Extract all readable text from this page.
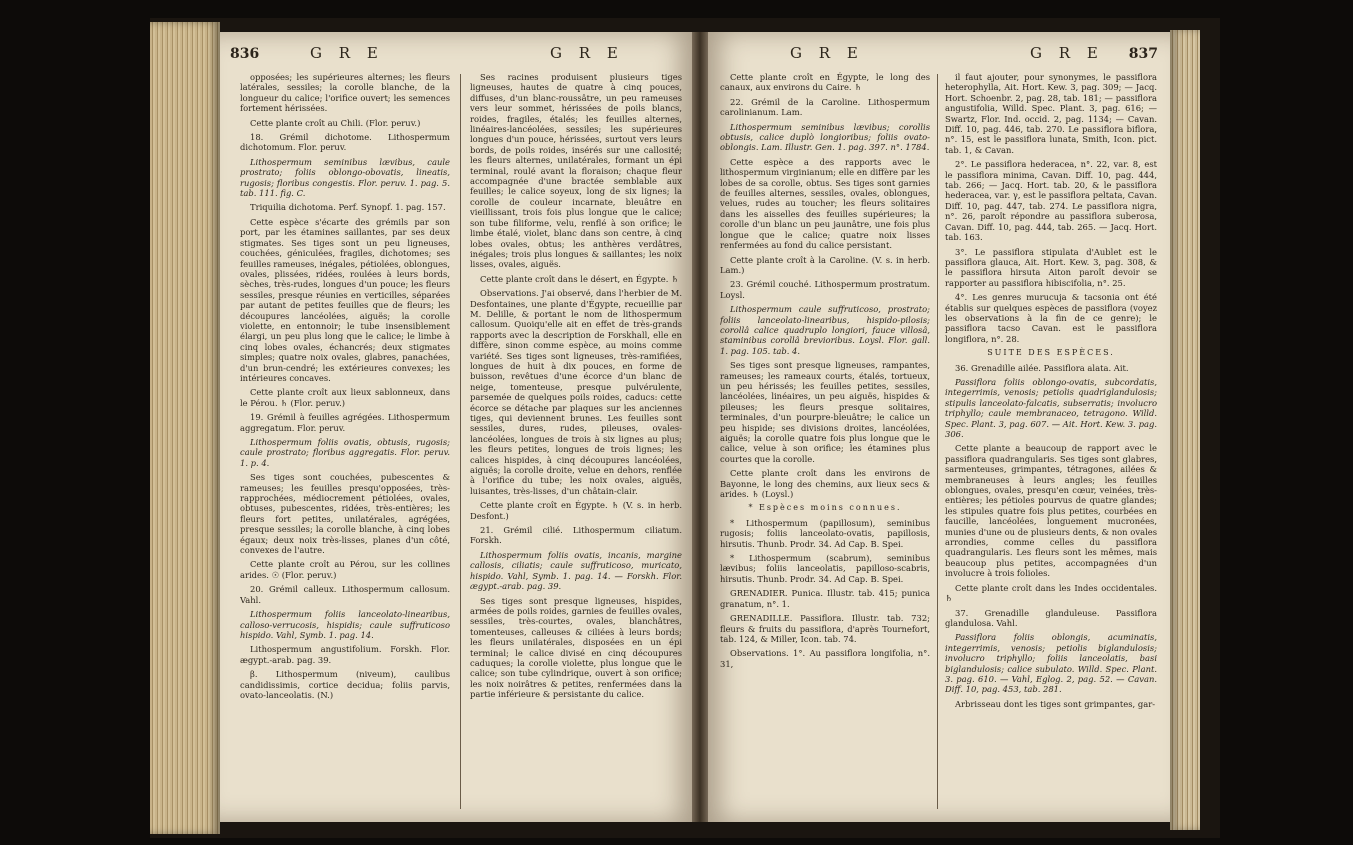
836	G R E	G R E

opposées; les supérieures alternes; les fleurs latérales, sessiles; la corolle blanche, de la longueur du calice; l'orifice ouvert; les semences fortement hérissées.

Cette plante croît au Chili. (Flor. peruv.)

18. Grémil dichotome. Lithospermum dichotomum. Flor. peruv.

Lithospermum seminibus lævibus, caule prostrato; foliis oblongo-obovatis, lineatis, rugosis; floribus congestis. Flor. peruv. 1. pag. 5. tab. 111. fig. C.

Triquilia dichotoma. Perf. Synopf. 1. pag. 157.

Cette espèce s'écarte des grémils par son port, par les étamines saillantes, par ses deux stigmates. Ses tiges sont un peu ligneuses, couchées, géniculées, fragiles, dichotomes; ses feuilles rameuses, inégales, pétiolées, oblongues, ovales, plissées, ridées, roulées à leurs bords, sèches, très-rudes, longues d'un pouce; les fleurs sessiles, presque réunies en verticilles, séparées par autant de petites feuilles que de fleurs; les découpures lancéolées, aiguës; la corolle violette, en entonnoir; le tube insensiblement élargi, un peu plus long que le calice; le limbe à cinq lobes ovales, échancrés; deux stigmates simples; quatre noix ovales, glabres, panachées, d'un brun-cendré; les extérieures convexes; les intérieures concaves.

Cette plante croît aux lieux sablonneux, dans le Pérou. ♄ (Flor. peruv.)

19. Grémil à feuilles agrégées. Lithospermum aggregatum. Flor. peruv.

Lithospermum foliis ovatis, obtusis, rugosis; caule prostrato; floribus aggregatis. Flor. peruv. 1. p. 4.

Ses tiges sont couchées, pubescentes & rameuses; les feuilles presqu'opposées, très-rapprochées, médiocrement pétiolées, ovales, obtuses, pubescentes, ridées, très-entières; les fleurs fort petites, unilatérales, agrégées, presque sessiles; la corolle blanche, à cinq lobes égaux; deux noix très-lisses, planes d'un côté, convexes de l'autre.

Cette plante croît au Pérou, sur les collines arides. ☉ (Flor. peruv.)

20. Grémil calleux. Lithospermum callosum. Vahl.

Lithospermum foliis lanceolato-linearibus, calloso-verrucosis, hispidis; caule suffruticoso hispido. Vahl, Symb. 1. pag. 14.

Lithospermum angustifolium. Forskh. Flor. ægypt.-arab. pag. 39.

β. Lithospermum (niveum), caulibus candidissimis, cortice decidua; foliis parvis, ovato-lanceolatis. (N.)

Ses racines produisent plusieurs tiges ligneuses, hautes de quatre à cinq pouces, diffuses, d'un blanc-roussâtre, un peu rameuses vers leur sommet, hérissées de poils blancs, roides, fragiles, étalés; les feuilles alternes, linéaires-lancéolées, sessiles; les supérieures longues d'un pouce, hérissées, surtout vers leurs bords, de poils roides, insérés sur une callosité; les fleurs alternes, unilatérales, formant un épi terminal, roulé avant la floraison; chaque fleur accompagnée d'une bractée semblable aux feuilles; le calice soyeux, long de six lignes; la corolle de couleur incarnate, bleuâtre en vieillissant, trois fois plus longue que le calice; son tube filiforme, velu, renflé à son orifice; le limbe étalé, violet, blanc dans son centre, à cinq lobes ovales, obtus; les anthères verdâtres, inégales; trois plus longues & saillantes; les noix lisses, ovales, aiguës.

Cette plante croît dans le désert, en Égypte. ♄

Observations. J'ai observé, dans l'herbier de M. Desfontaines, une plante d'Égypte, recueillie par M. Delille, & portant le nom de lithospermum callosum. Quoiqu'elle ait en effet de très-grands rapports avec la description de Forskhall, elle en diffère, sinon comme espèce, au moins comme variété. Ses tiges sont ligneuses, très-ramifiées, longues de huit à dix pouces, en forme de buisson, revêtues d'une écorce d'un blanc de neige, tomenteuse, presque pulvérulente, parsemée de quelques poils roides, caducs: cette écorce se détache par plaques sur les anciennes tiges, qui deviennent brunes. Les feuilles sont sessiles, dures, rudes, pileuses, ovales-lancéolées, longues de trois à six lignes au plus; les fleurs petites, longues de trois lignes; les calices hispides, à cinq découpures lancéolées, aiguës; la corolle droite, velue en dehors, renflée à l'orifice du tube; les noix ovales, aiguës, luisantes, très-lisses, d'un châtain-clair.

Cette plante croît en Égypte. ♄ (V. s. in herb. Desfont.)

21. Grémil cilié. Lithospermum ciliatum. Forskh.

Lithospermum foliis ovatis, incanis, margine callosis, ciliatis; caule suffruticoso, muricato, hispido. Vahl, Symb. 1. pag. 14. — Forskh. Flor. ægypt.-arab. pag. 39.

Ses tiges sont presque ligneuses, hispides, armées de poils roides, garnies de feuilles ovales, sessiles, très-courtes, ovales, blanchâtres, tomenteuses, calleuses & ciliées à leurs bords; les fleurs unilatérales, disposées en un épi terminal; le calice divisé en cinq découpures caduques; la corolle violette, plus longue que le calice; son tube cylindrique, ouvert à son orifice; les noix noirâtres & petites, renfermées dans la partie inférieure & persistante du calice.

G R E	G R E 837

Cette plante croît en Égypte, le long des canaux, aux environs du Caire. ♄

22. Grémil de la Caroline. Lithospermum carolinianum. Lam.

Lithospermum seminibus lævibus; corollis obtusis, calice duplò longioribus; foliis ovato-oblongis. Lam. Illustr. Gen. 1. pag. 397. n°. 1784.

Cette espèce a des rapports avec le lithospermum virginianum; elle en diffère par les lobes de sa corolle, obtus. Ses tiges sont garnies de feuilles alternes, sessiles, ovales, oblongues, velues, rudes au toucher; les fleurs solitaires dans les aisselles des feuilles supérieures; la corolle d'un blanc un peu jaunâtre, une fois plus longue que le calice; quatre noix lisses renfermées au fond du calice persistant.

Cette plante croît à la Caroline. (V. s. in herb. Lam.)

23. Grémil couché. Lithospermum prostratum. Loysl.

Lithospermum caule suffruticoso, prostrato; foliis lanceolato-linearibus, hispido-pilosis; corollâ calice quadruplo longiori, fauce villosâ, staminibus corollâ brevioribus. Loysl. Flor. gall. 1. pag. 105. tab. 4.

Ses tiges sont presque ligneuses, rampantes, rameuses; les rameaux courts, étalés, tortueux, un peu hérissés; les feuilles petites, sessiles, lancéolées, linéaires, un peu aiguës, hispides & pileuses; les fleurs presque solitaires, terminales, d'un pourpre-bleuâtre; le calice un peu hispide; ses divisions droites, lancéolées, aiguës; la corolle quatre fois plus longue que le calice, velue à son orifice; les étamines plus courtes que la corolle.

Cette plante croît dans les environs de Bayonne, le long des chemins, aux lieux secs & arides. ♄ (Loysl.)

* Espèces moins connues.

* Lithospermum (papillosum), seminibus rugosis; foliis lanceolato-ovatis, papillosis, hirsutis. Thunb. Prodr. 34. Ad Cap. B. Spei.

* Lithospermum (scabrum), seminibus lævibus; foliis lanceolatis, papilloso-scabris, hirsutis. Thunb. Prodr. 34. Ad Cap. B. Spei.

GRENADIER. Punica. Illustr. tab. 415; punica granatum, n°. 1.

GRENADILLE. Passiflora. Illustr. tab. 732; fleurs & fruits du passiflora, d'après Tournefort, tab. 124, & Miller, Icon. tab. 74.

Observations. 1°. Au passiflora longifolia, n°. 31,

il faut ajouter, pour synonymes, le passiflora heterophylla, Ait. Hort. Kew. 3, pag. 309; — Jacq. Hort. Schoenbr. 2, pag. 28, tab. 181; — passiflora angustifolia, Willd. Spec. Plant. 3, pag. 616; — Swartz, Flor. Ind. occid. 2, pag. 1134; — Cavan. Diff. 10, pag. 446, tab. 270. Le passiflora biflora, n°. 15, est le passiflora lunata, Smith, Icon. pict. tab. 1, & Cavan.

2°. Le passiflora hederacea, n°. 22, var. 8, est le passiflora minima, Cavan. Diff. 10, pag. 444, tab. 266; — Jacq. Hort. tab. 20, & le passiflora hederacea, var. γ, est le passiflora peltata, Cavan. Diff. 10, pag. 447, tab. 274. Le passiflora nigra, n°. 26, paroît répondre au passiflora suberosa, Cavan. Diff. 10, pag. 444, tab. 265. — Jacq. Hort. tab. 163.

3°. Le passiflora stipulata d'Aublet est le passiflora glauca, Ait. Hort. Kew. 3, pag. 308, & le passiflora hirsuta Aiton paroît devoir se rapporter au passiflora hibiscifolia, n°. 25.

4°. Les genres murucuja & tacsonia ont été établis sur quelques espèces de passiflora (voyez les observations à la fin de ce genre); le passiflora tacso Cavan. est le passiflora longiflora, n°. 28.

SUITE DES ESPÈCES.

36. Grenadille ailée. Passiflora alata. Ait.

Passiflora foliis oblongo-ovatis, subcordatis, integerrimis, venosis; petiolis quadriglandulosis; stipulis lanceolato-falcatis, subserratis; involucro triphyllo; caule membranaceo, tetragono. Willd. Spec. Plant. 3, pag. 607. — Ait. Hort. Kew. 3. pag. 306.

Cette plante a beaucoup de rapport avec le passiflora quadrangularis. Ses tiges sont glabres, sarmenteuses, grimpantes, tétragones, ailées & membraneuses à leurs angles; les feuilles oblongues, ovales, presqu'en cœur, veinées, très-entières; les pétioles pourvus de quatre glandes; les stipules quatre fois plus petites, courbées en faucille, lancéolées, longuement mucronées, munies d'une ou de plusieurs dents, & non ovales arrondies, comme celles du passiflora quadrangularis. Les fleurs sont les mêmes, mais beaucoup plus petites, accompagnées d'un involucre à trois folioles.

Cette plante croît dans les Indes occidentales. ♄

37. Grenadille glanduleuse. Passiflora glandulosa. Vahl.

Passiflora foliis oblongis, acuminatis, integerrimis, venosis; petiolis biglandulosis; involucro triphyllo; foliis lanceolatis, basi biglandulosis; calice subulato. Willd. Spec. Plant. 3. pag. 610. — Vahl, Eglog. 2, pag. 52. — Cavan. Diff. 10, pag. 453, tab. 281.

Arbrisseau dont les tiges sont grimpantes, gar-
